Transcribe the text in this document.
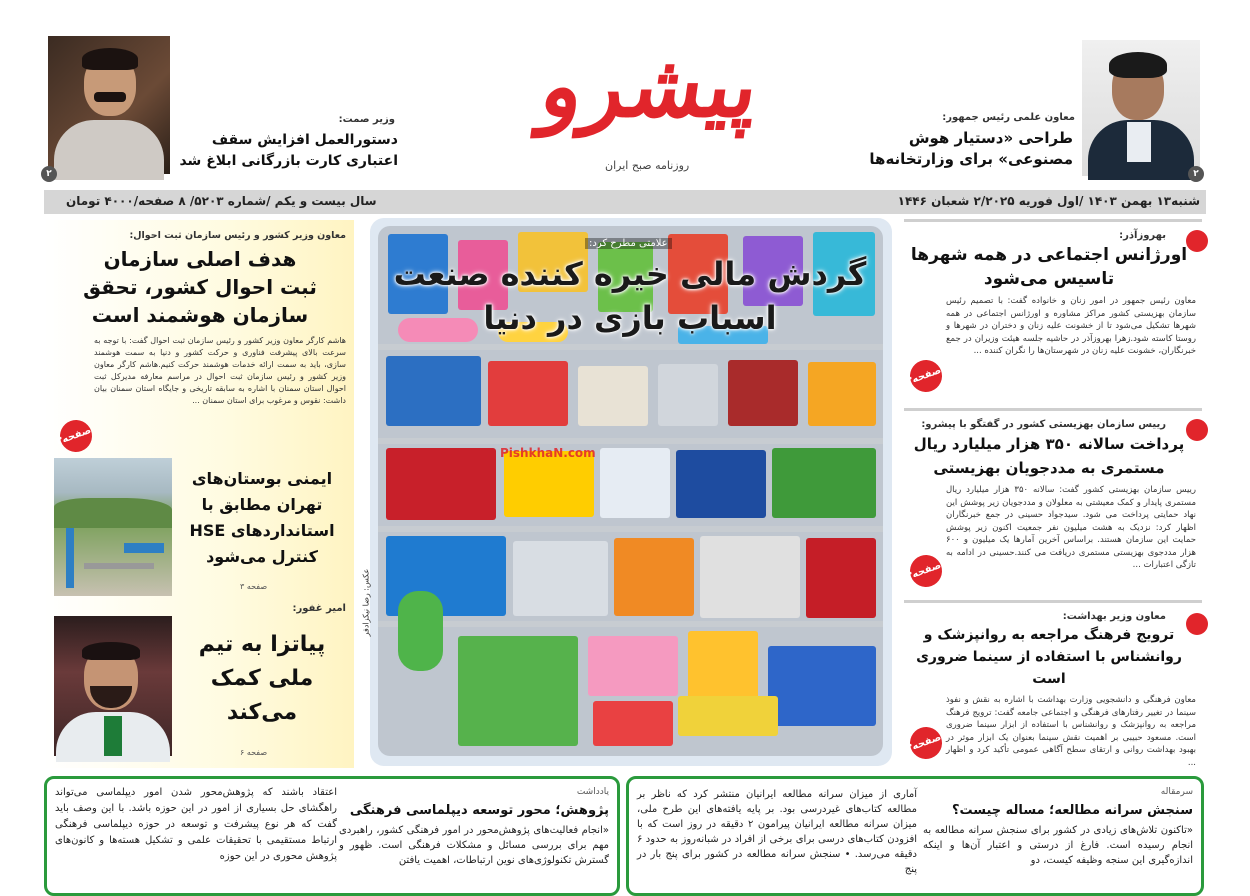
۲
معاون علمی رئیس جمهور:
طراحی «دستیار هوش
مصنوعی» برای وزارتخانه‌ها
پیشرو
روزنامه صبح ایران
۲
وزیر صمت:
دستورالعمل افزایش سقف
اعتباری کارت بازرگانی ابلاغ شد
شنبه۱۳ بهمن ۱۴۰۳ /اول فوریه ۲/۲۰۲۵ شعبان ۱۴۴۶
سال بیست و یکم /شماره ۵۲۰۳/ ۸ صفحه/۴۰۰۰ تومان
علامتی مطرح کرد:
گردش مالی خیره کننده صنعت
اسباب بازی در دنیا
PishkhaN.com
عکس: رضا نیکزادفر
بهروزآذر:
اورژانس اجتماعی در همه شهرها
تاسیس می‌شود
معاون رئیس جمهور در امور زنان و خانواده گفت: با تصمیم رئیس سازمان بهزیستی کشور مراکز مشاوره و اورژانس اجتماعی در همه شهرها تشکیل می‌شود تا از خشونت علیه زنان و دختران در شهرها و روستا کاسته شود.زهرا بهروزآذر در حاشیه جلسه هیئت وزیران در جمع خبرنگاران، خشونت علیه زنان در شهرستان‌ها را نگران کننده ...
صفحه۳
رییس سازمان بهزیستی کشور در گفتگو با پیشرو:
پرداخت سالانه ۳۵۰ هزار میلیارد ریال
مستمری به مددجویان بهزیستی
رییس سازمان بهزیستی کشور گفت: سالانه ۳۵۰ هزار میلیارد ریال مستمری پایدار و کمک معیشتی به معلولان و مددجویان زیر پوشش این نهاد حمایتی پرداخت می شود. سیدجواد حسینی در جمع خبرنگاران اظهار کرد: نزدیک به هشت میلیون نفر جمعیت اکنون زیر پوشش حمایت این سازمان هستند. براساس آخرین آمارها یک میلیون و ۶۰۰ هزار مددجوی بهزیستی مستمری دریافت می کنند.حسینی در ادامه به تازگی اعتبارات ...
صفحه۳
معاون وزیر بهداشت:
ترویج فرهنگ مراجعه به روانپزشک و
روانشناس با استفاده از سینما ضروری است
معاون فرهنگی و دانشجویی وزارت بهداشت با اشاره به نقش و نفوذ سینما در تغییر رفتارهای فرهنگی و اجتماعی جامعه گفت: ترویج فرهنگ مراجعه به روانپزشک و روانشناس با استفاده از ابزار سینما ضروری است. مسعود حبیبی بر اهمیت نقش سینما بعنوان یک ابزار موثر در بهبود بهداشت روانی و ارتقای سطح آگاهی عمومی تأکید کرد و اظهار ...
صفحه۳
معاون وزیر کشور و رئیس سازمان ثبت احوال:
هدف اصلی سازمان
ثبت احوال کشور، تحقق
سازمان هوشمند است
هاشم کارگر معاون وزیر کشور و رئیس سازمان ثبت احوال گفت: با توجه به سرعت بالای پیشرفت فناوری و حرکت کشور و دنیا به سمت هوشمند سازی، باید به سمت ارائه خدمات هوشمند حرکت کنیم.هاشم کارگر معاون وزیر کشور و رئیس سازمان ثبت احوال در مراسم معارفه مدیرکل ثبت احوال استان سمنان با اشاره به سابقه تاریخی و جایگاه استان سمنان بیان داشت: نقوس و مرغوب برای استان سمنان ...
صفحه۳
ایمنی بوستان‌های
تهران مطابق با
استانداردهای HSE
کنترل می‌شود
صفحه ۳
امیر غفور:
پیاتزا به تیم
ملی کمک
می‌کند
صفحه ۶
سرمقاله
سنجش سرانه مطالعه؛ مساله چیست؟
«تاکنون تلاش‌های زیادی در کشور برای سنجش سرانه مطالعه به انجام رسیده است. فارغ از درستی و اعتبار آن‌ها و اینکه اندازه‌گیری این سنجه وظیفه کیست، دو
آماری از میزان سرانه مطالعه ایرانیان منتشر کرد که ناظر بر مطالعه کتاب‌های غیردرسی بود. بر پایه یافته‌های این طرح ملی، میزان سرانه مطالعه ایرانیان پیرامون ۲ دقیقه در روز است که با افزودن کتاب‌های درسی برای برخی از افراد در شبانه‌روز به حدود ۶ دقیقه می‌رسد. • سنجش سرانه مطالعه در کشور برای پنج بار در پنج
یادداشت
پژوهش؛ محور توسعه دیپلماسی فرهنگی
«انجام فعالیت‌های پژوهش‌محور در امور فرهنگی کشور، راهبردی مهم برای بررسی مسائل و مشکلات فرهنگی است. ظهور و گسترش تکنولوژی‌های نوین ارتباطات، اهمیت یافتن
اعتقاد باشند که پژوهش‌محور شدن امور دیپلماسی می‌تواند راهگشای حل بسیاری از امور در این حوزه باشد. با این وصف باید گفت که هر نوع پیشرفت و توسعه در حوزه دیپلماسی فرهنگی ارتباط مستقیمی با تحقیقات علمی و تشکیل هسته‌ها و کانون‌های پژوهش محوری در این حوزه
